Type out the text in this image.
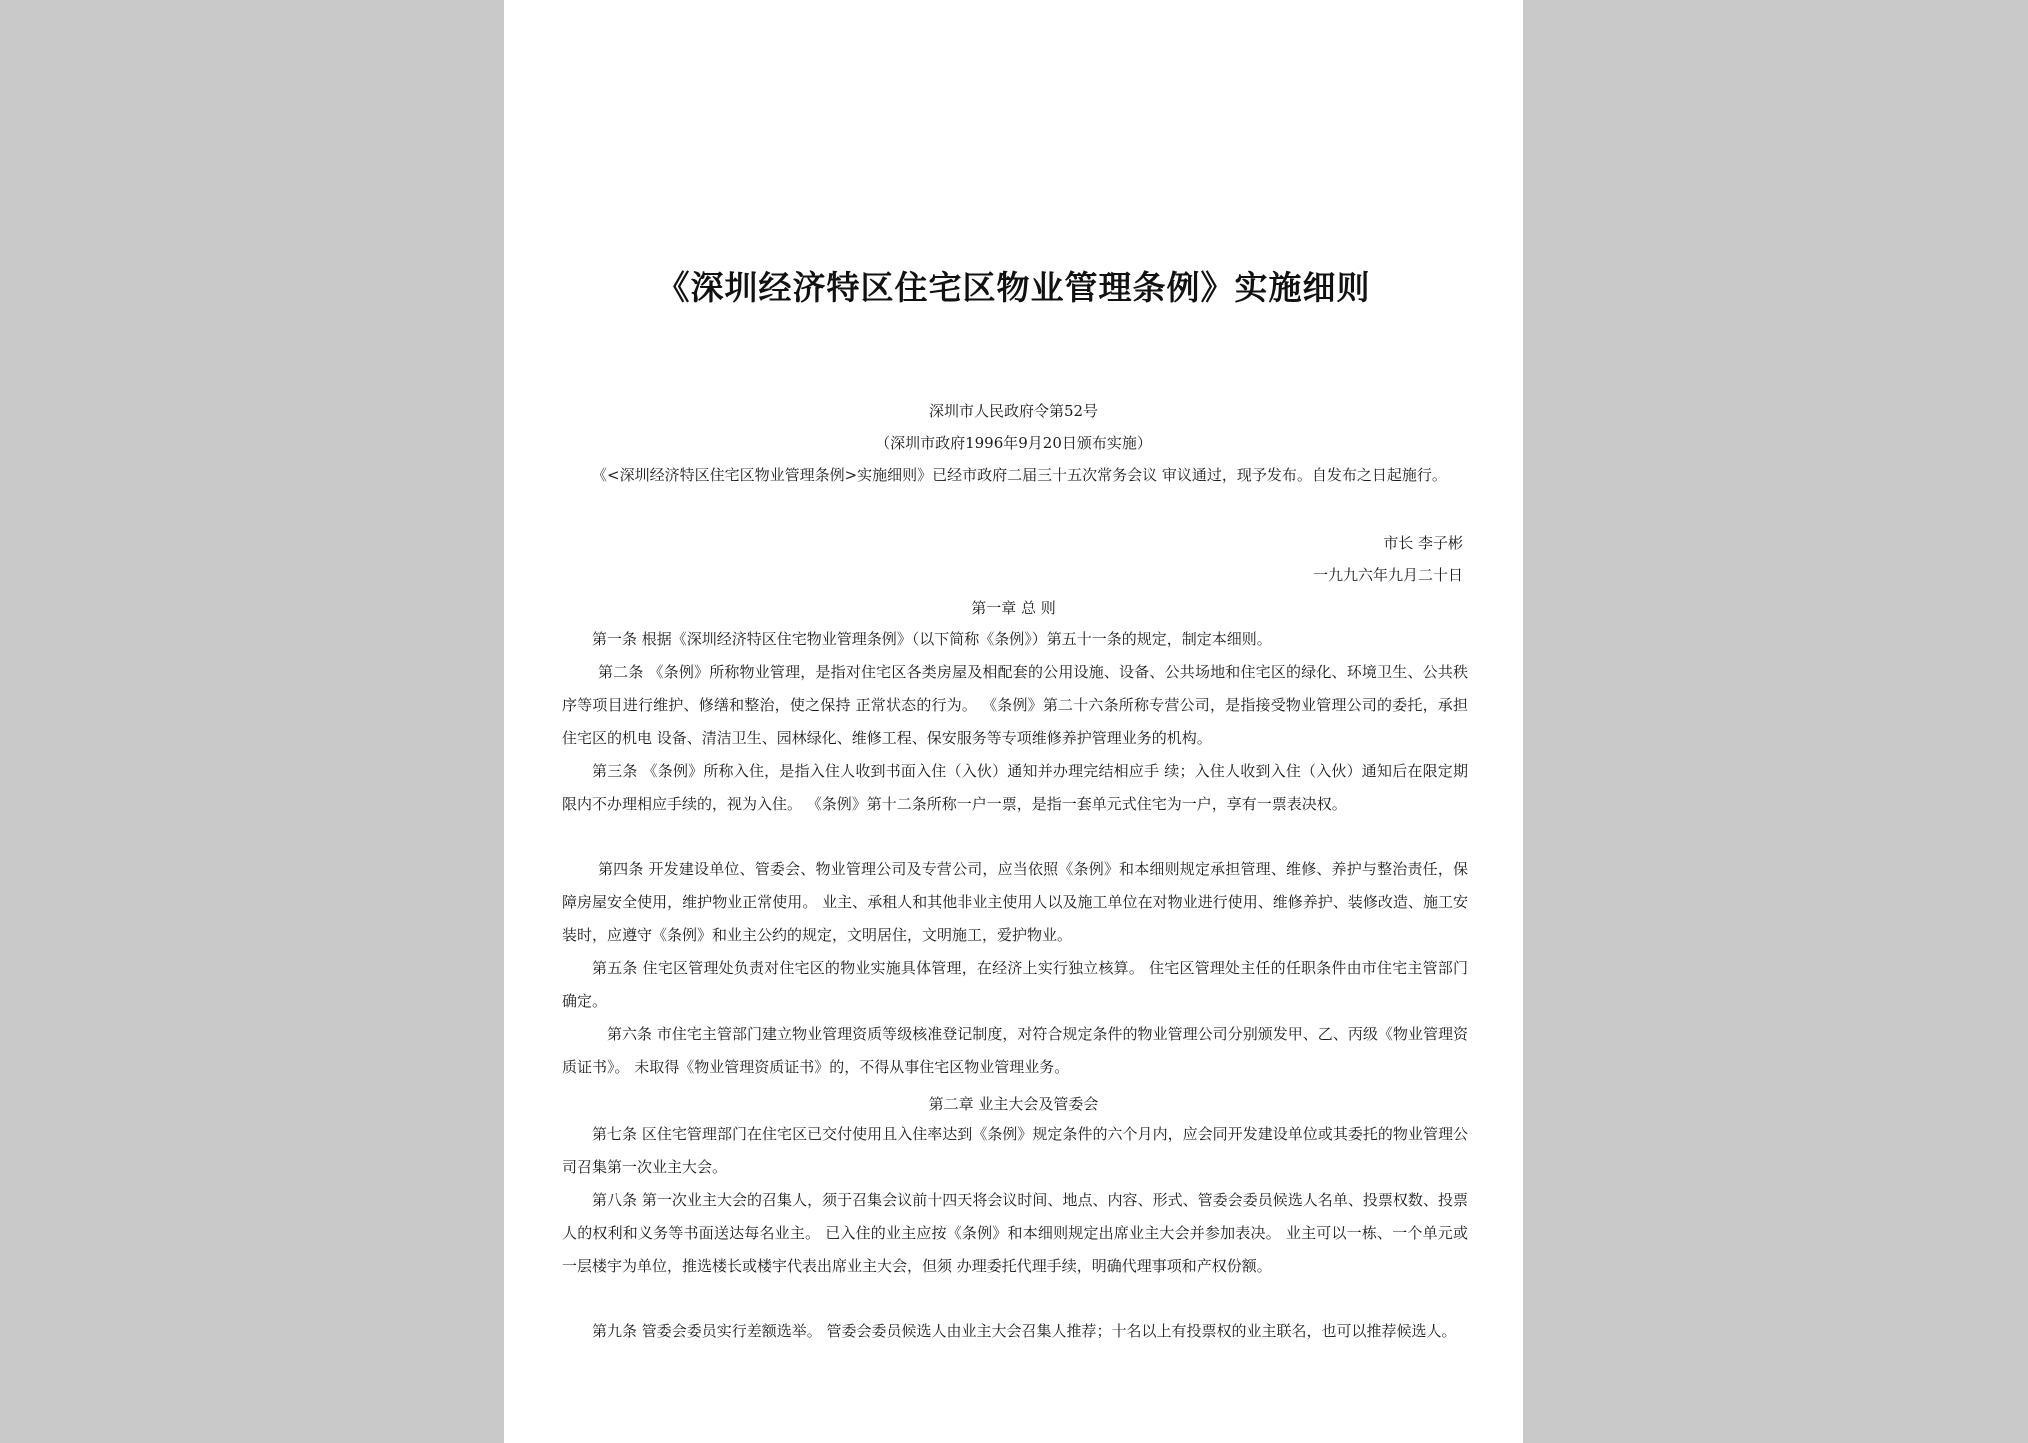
《深圳经济特区住宅区物业管理条例》实施细则
深圳市人民政府令第52号
（深圳市政府1996年9月20日颁布实施）

《<深圳经济特区住宅区物业管理条例>实施细则》已经市政府二届三十五次常务会议 审议通过，现予发布。自发布之日起施行。

市长 李子彬
一九九六年九月二十日
第一章 总 则

第一条 根据《深圳经济特区住宅物业管理条例》（以下简称《条例》）第五十一条的规定，制定本细则。

第二条 《条例》所称物业管理，是指对住宅区各类房屋及相配套的公用设施、设备、公共场地和住宅区的绿化、环境卫生、公共秩序等项目进行维护、修缮和整治，使之保持 正常状态的行为。 《条例》第二十六条所称专营公司，是指接受物业管理公司的委托，承担住宅区的机电 设备、清洁卫生、园林绿化、维修工程、保安服务等专项维修养护管理业务的机构。

第三条 《条例》所称入住，是指入住人收到书面入住（入伙）通知并办理完结相应手 续；入住人收到入住（入伙）通知后在限定期限内不办理相应手续的，视为入住。 《条例》第十二条所称一户一票，是指一套单元式住宅为一户，享有一票表决权。

第四条 开发建设单位、管委会、物业管理公司及专营公司，应当依照《条例》和本细则规定承担管理、维修、养护与整治责任，保障房屋安全使用，维护物业正常使用。 业主、承租人和其他非业主使用人以及施工单位在对物业进行使用、维修养护、装修改造、施工安装时，应遵守《条例》和业主公约的规定，文明居住，文明施工，爱护物业。

第五条 住宅区管理处负责对住宅区的物业实施具体管理，在经济上实行独立核算。 住宅区管理处主任的任职条件由市住宅主管部门确定。

第六条 市住宅主管部门建立物业管理资质等级核准登记制度，对符合规定条件的物业管理公司分别颁发甲、乙、丙级《物业管理资质证书》。 未取得《物业管理资质证书》的，不得从事住宅区物业管理业务。

第二章 业主大会及管委会

第七条 区住宅管理部门在住宅区已交付使用且入住率达到《条例》规定条件的六个月内，应会同开发建设单位或其委托的物业管理公司召集第一次业主大会。

第八条 第一次业主大会的召集人，须于召集会议前十四天将会议时间、地点、内容、形式、管委会委员候选人名单、投票权数、投票人的权利和义务等书面送达每名业主。 已入住的业主应按《条例》和本细则规定出席业主大会并参加表决。 业主可以一栋、一个单元或一层楼宇为单位，推选楼长或楼宇代表出席业主大会，但须 办理委托代理手续，明确代理事项和产权份额。

第九条 管委会委员实行差额选举。 管委会委员候选人由业主大会召集人推荐；十名以上有投票权的业主联名，也可以推荐候选人。
